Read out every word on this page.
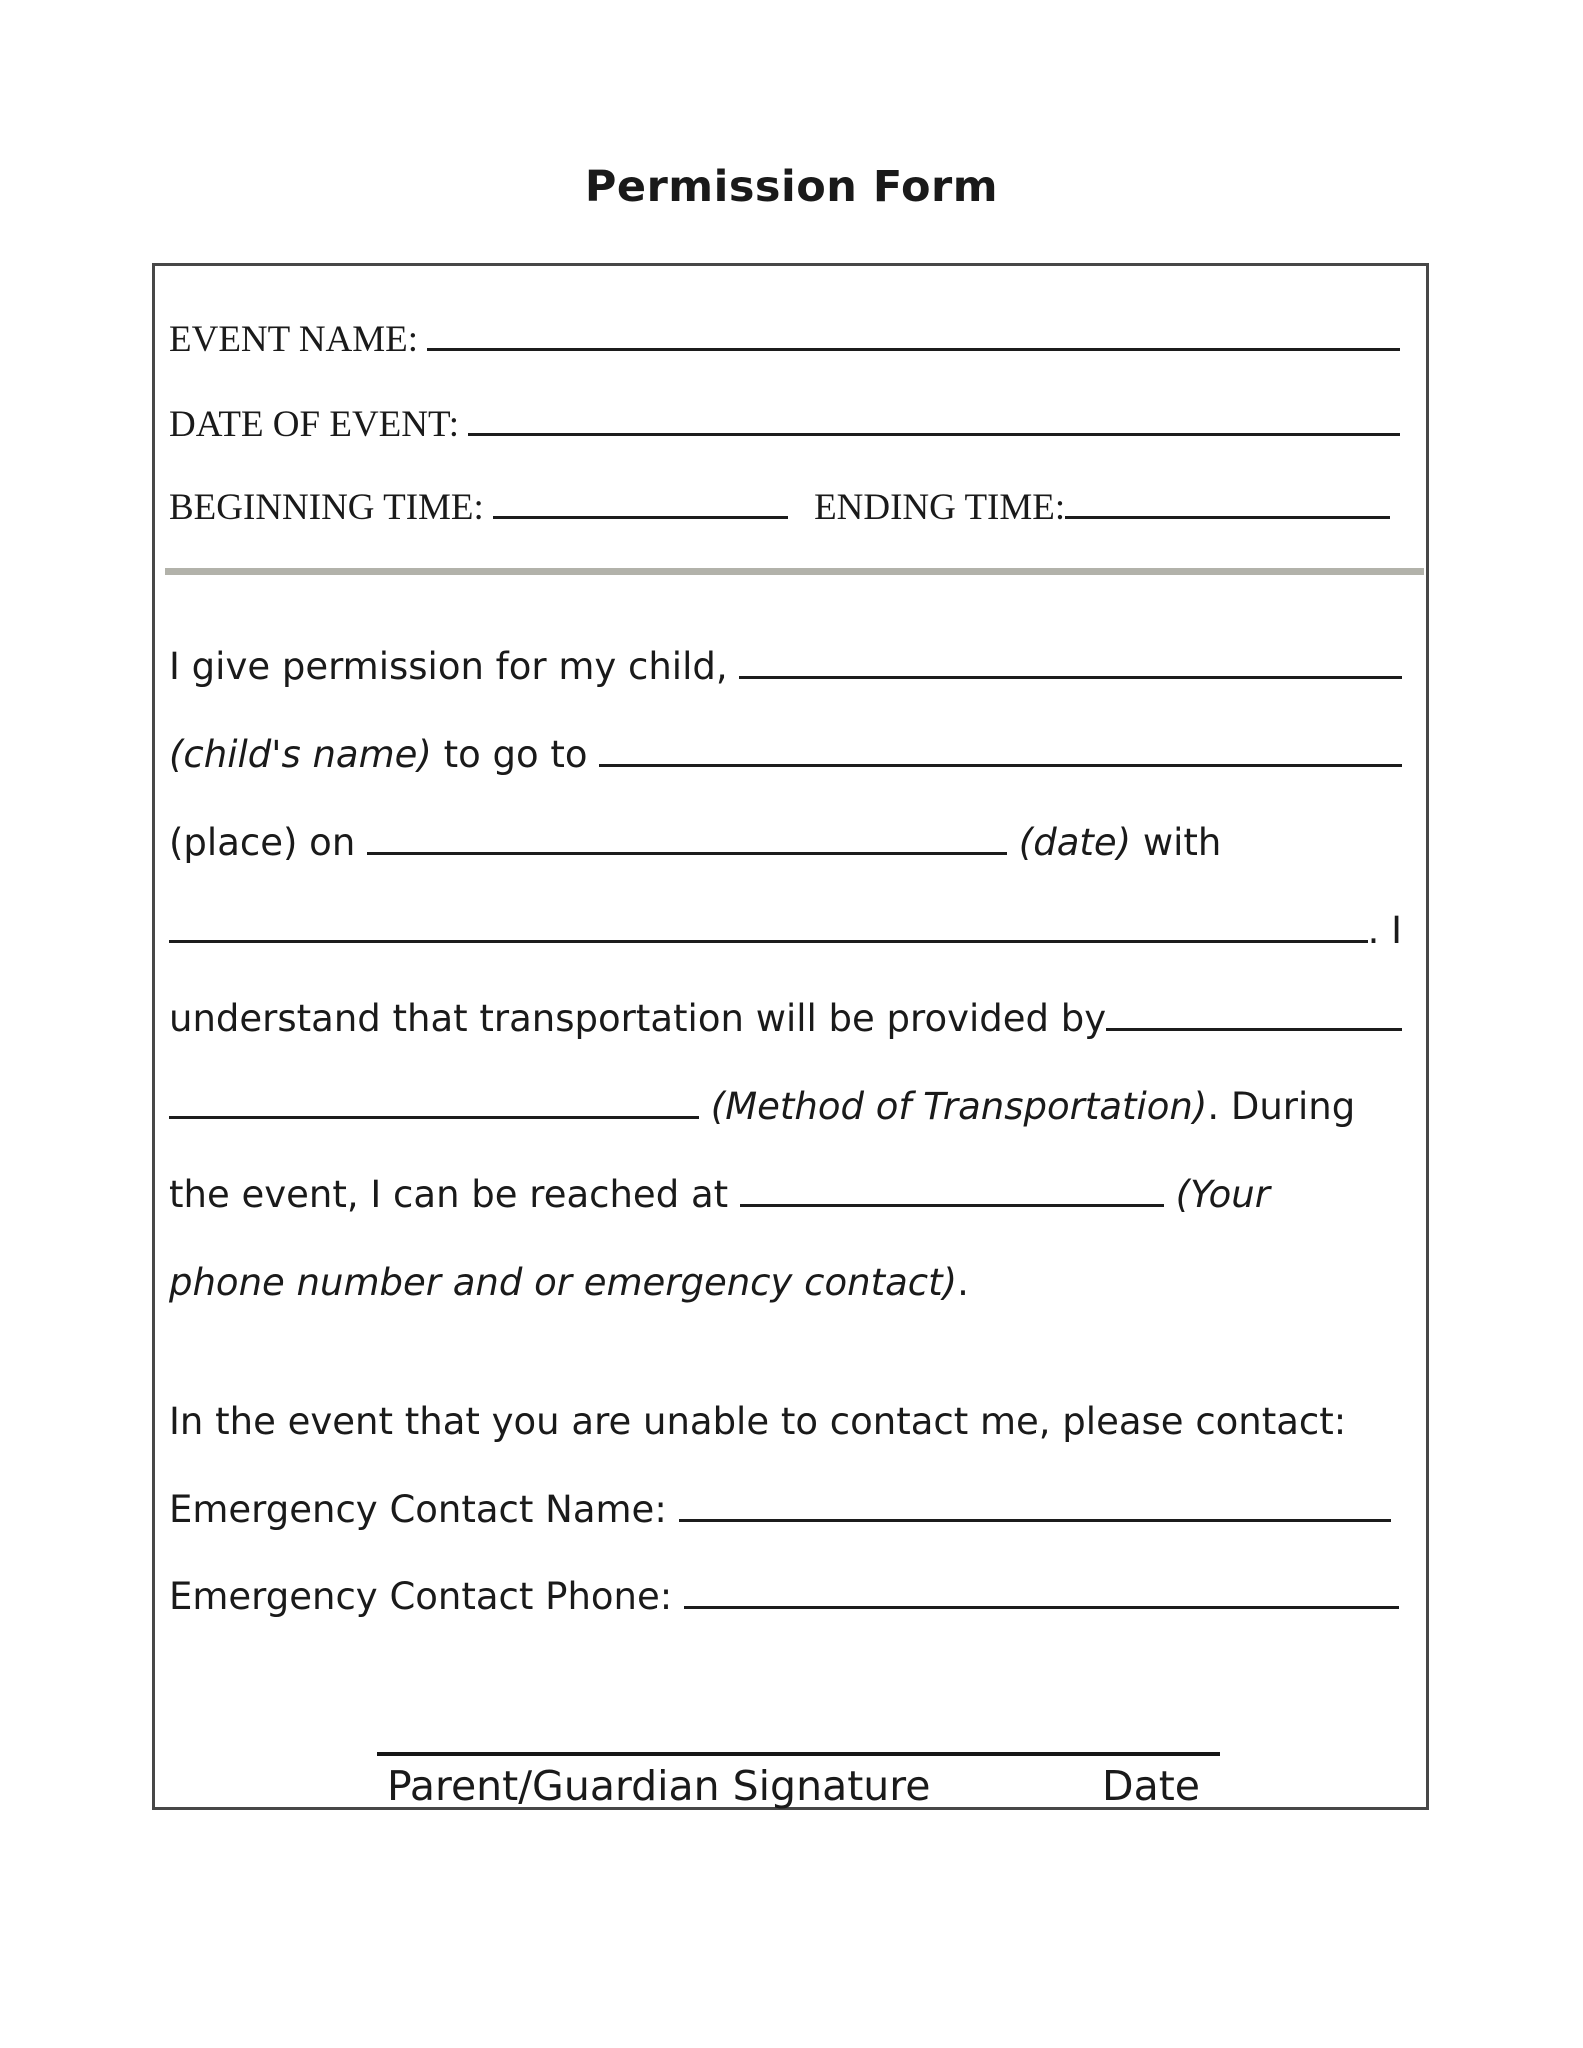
Permission Form
EVENT NAME:
DATE OF EVENT:
BEGINNING TIME:	ENDING TIME:
I give permission for my child,
(child's name) to go to
(place) on
	(date) with
. I
understand that transportation will be provided by

(Method of Transportation) . During
the event, I can be reached at
	(Your
phone number and or emergency contact) .
In the event that you are unable to contact me, please contact:
Emergency Contact Name:
Emergency Contact Phone:
Parent/Guardian Signature	Date
